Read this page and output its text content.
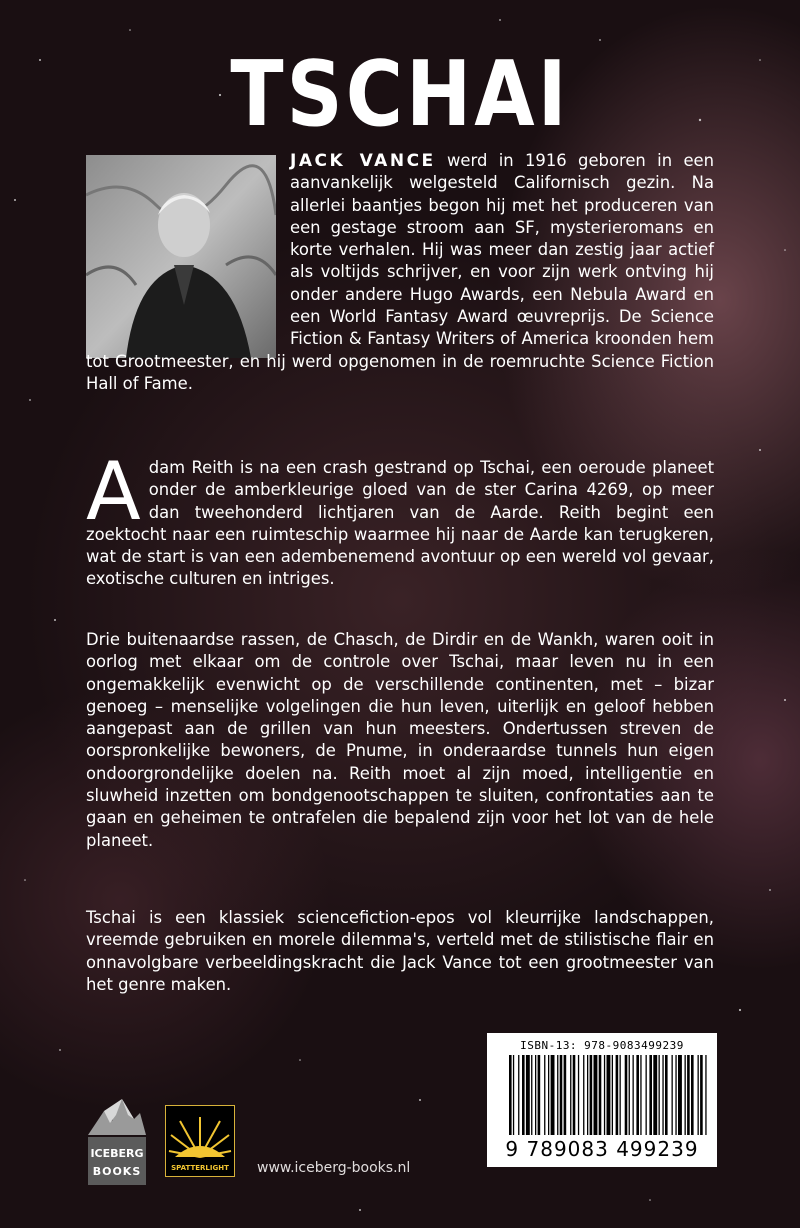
TSCHAI

JACK VANCE werd in 1916 geboren in een aanvankelijk welgesteld Californisch gezin. Na allerlei baantjes begon hij met het produceren van een gestage stroom aan SF, mysterieromans en korte verhalen. Hij was meer dan zestig jaar actief als voltijds schrijver, en voor zijn werk ontving hij onder andere Hugo Awards, een Nebula Award en een World Fantasy Award œuvreprijs. De Science Fiction & Fantasy Writers of America kroonden hem tot Grootmeester, en hij werd opgenomen in de roemruchte Science Fiction Hall of Fame.

Adam Reith is na een crash gestrand op Tschai, een oeroude planeet onder de amberkleurige gloed van de ster Carina 4269, op meer dan tweehonderd lichtjaren van de Aarde. Reith begint een zoektocht naar een ruimteschip waarmee hij naar de Aarde kan terugkeren, wat de start is van een adembenemend avontuur op een wereld vol gevaar, exotische culturen en intriges.

Drie buitenaardse rassen, de Chasch, de Dirdir en de Wankh, waren ooit in oorlog met elkaar om de controle over Tschai, maar leven nu in een ongemakkelijk evenwicht op de verschillende continenten, met – bizar genoeg – menselijke volgelingen die hun leven, uiterlijk en geloof hebben aangepast aan de grillen van hun meesters. Ondertussen streven de oorspronkelijke bewoners, de Pnume, in onderaardse tunnels hun eigen ondoorgrondelijke doelen na. Reith moet al zijn moed, intelligentie en sluwheid inzetten om bondgenootschappen te sluiten, confrontaties aan te gaan en geheimen te ontrafelen die bepalend zijn voor het lot van de hele planeet.

Tschai is een klassiek sciencefiction-epos vol kleurrijke landschappen, vreemde gebruiken en morele dilemma's, verteld met de stilistische flair en onnavolgbare verbeeldingskracht die Jack Vance tot een grootmeester van het genre maken.

ICEBERG
BOOKS	SPATTERLIGHT www.iceberg-books.nl

ISBN-13: 978-9083499239
9 789083 499239
